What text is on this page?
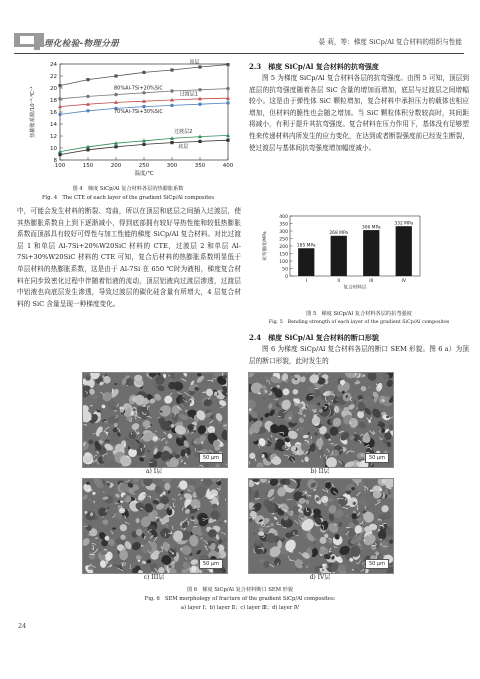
理化检验-物理分册	晏 莉，等：梯度 SiCp/Al 复合材料的组织与性能
8
10
12
14
16
18
20
22
24
100	150	200	250	300	350	400
温度/℃
热膨胀系数/10⁻⁶·℃⁻¹
顶层
80%Al-7Si+20%SiC
过渡层1
70%Al-7Si+30%SiC
过渡层2
底层
图 4　梯度 SiCp/Al 复合材料各层的热膨胀系数
Fig. 4　The CTE of each layer of the gradient SiCp/Al composites
中，可能会发生材料的断裂、弯曲，所以在顶层和底层之间插入过渡层，使其热膨胀系数自上到下逐渐减小，得到底部拥有较好导热性能和较低热膨胀系数而顶部具有较好可焊性与加工性能的梯度 SiCp/Al 复合材料。对比过渡层 1 和单层 Al-7Si+20%W20SiC 材料的 CTE，过渡层 2 和单层 Al-7Si+30%W20SiC 材料的 CTE 可知，复合后材料的热膨胀系数明显低于单层材料的热膨胀系数，这是由于 Al-7Si 在 650 ℃时为液相，梯度复合材料在同步致密化过程中伴随着铝液的流动，顶层铝液向过渡层渗透，过渡层中铝液也向底层发生渗透，导致过渡层的碳化硅含量有所增大，4 层复合材料的 SiC 含量呈现一种梯度变化。
2.3　梯度 SiCp/Al 复合材料的抗弯强度
图 5 为梯度 SiCp/Al 复合材料各层的抗弯强度。由图 5 可知，顶层到底层的抗弯强度随着各层 SiC 含量的增加而增加，底层与过渡层之间增幅较小。这是由于弹性体 SiC 颗粒增加，复合材料中承担压力的载体也相应增加，但材料的脆性也会随之增加。当 SiC 颗粒体积分数较高时，其间距将减小，有利于提升其抗弯强度。复合材料在压力作用下，基体没有足够塑性来传递材料内所发生的应力变化，在达到或者断裂强度前已经发生断裂，使过渡层与基体间抗弯强度增加幅度减小。
0
50
100
150
200
250
300
350
400
185 MPa
I
268 MPa
II
306 MPa
III
332 MPa
IV
复合材料层
抗弯强度/MPa
图 5　梯度 SiCp/Al 复合材料各层的抗弯强度
Fig. 5　Bending strength of each layer of the gradient SiCp/Al composites
2.4　梯度 SiCp/Al 复合材料的断口形貌
图 6 为梯度 SiCp/Al 复合材料各层的断口 SEM 形貌。图 6 a）为顶层的断口形貌，此时发生的
50 μm
a) I层
50 μm
b) II层
50 μm
c) III层
50 μm
d) IV层
图 6　梯度 SiCp/Al 复合材料断口 SEM 形貌
Fig. 6　SEM morphology of fracture of the gradient SiCp/Al composites:
a) layer Ⅰ；b) layer Ⅱ；c) layer Ⅲ；d) layer Ⅳ
24
